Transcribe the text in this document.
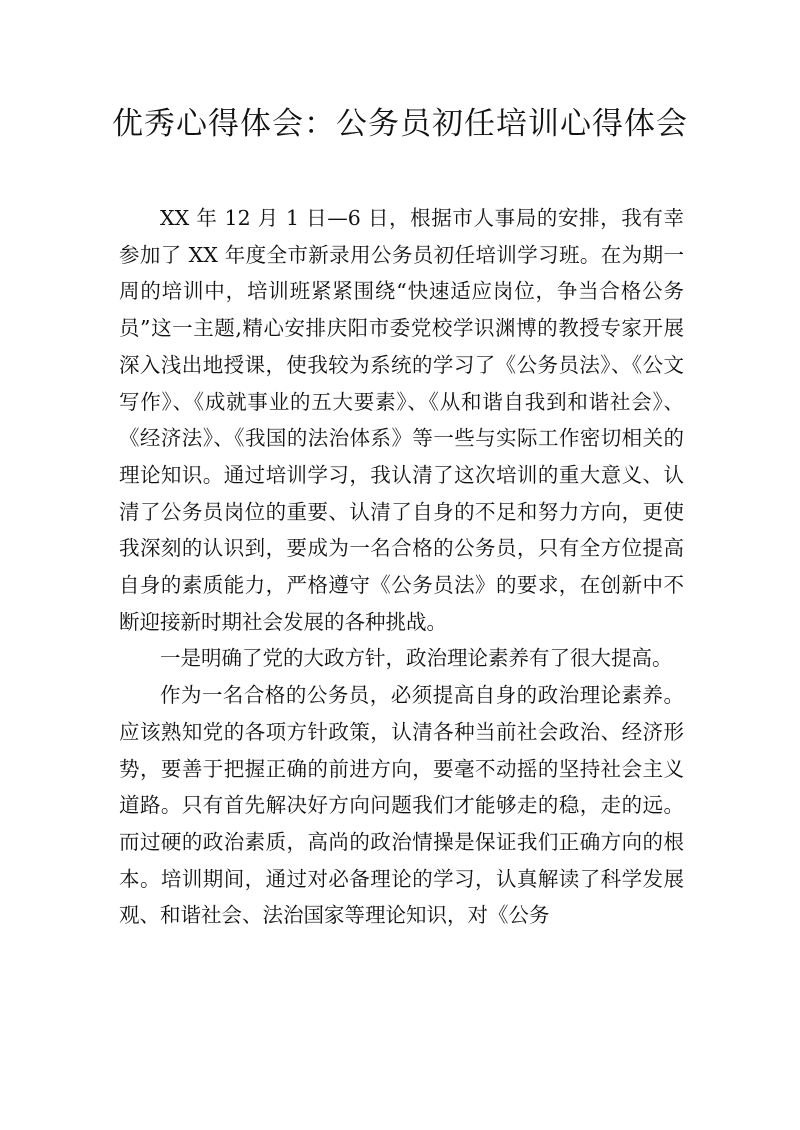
优秀心得体会：公务员初任培训心得体会

XX 年 12 月 1 日—6 日，根据市人事局的安排，我有幸参加了 XX 年度全市新录用公务员初任培训学习班。在为期一周的培训中，培训班紧紧围绕“快速适应岗位，争当合格公务员”这一主题,精心安排庆阳市委党校学识渊博的教授专家开展深入浅出地授课，使我较为系统的学习了《公务员法》、《公文写作》、《成就事业的五大要素》、《从和谐自我到和谐社会》、《经济法》、《我国的法治体系》等一些与实际工作密切相关的理论知识。通过培训学习，我认清了这次培训的重大意义、认清了公务员岗位的重要、认清了自身的不足和努力方向，更使我深刻的认识到，要成为一名合格的公务员，只有全方位提高自身的素质能力，严格遵守《公务员法》的要求，在创新中不断迎接新时期社会发展的各种挑战。

一是明确了党的大政方针，政治理论素养有了很大提高。

作为一名合格的公务员，必须提高自身的政治理论素养。应该熟知党的各项方针政策，认清各种当前社会政治、经济形势，要善于把握正确的前进方向，要毫不动摇的坚持社会主义道路。只有首先解决好方向问题我们才能够走的稳，走的远。而过硬的政治素质，高尚的政治情操是保证我们正确方向的根本。培训期间，通过对必备理论的学习，认真解读了科学发展观、和谐社会、法治国家等理论知识，对《公务
